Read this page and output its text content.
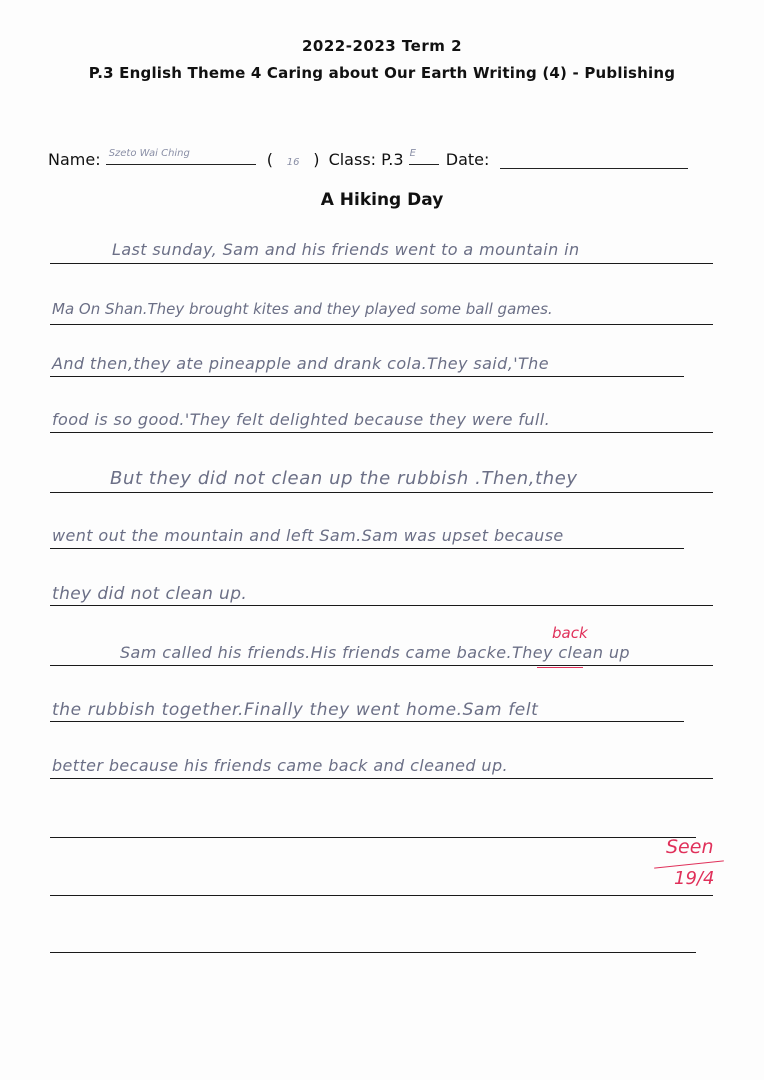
2022-2023 Term 2
P.3 English Theme 4 Caring about Our Earth Writing (4) - Publishing
Name: Szeto Wai Ching	( 16 ) Class: P.3 E Date:
A Hiking Day
Last sunday, Sam and his friends went to a mountain in
Ma On Shan.They brought kites and they played some ball games.
And then,they ate pineapple and drank cola.They said,'The
food is so good.'They felt delighted because they were full.
But they did not clean up the rubbish .Then,they
went out the mountain and left Sam.Sam was upset because
they did not clean up.
Sam called his friends.His friends came backe.They clean up
the rubbish together.Finally they went home.Sam felt
better because his friends came back and cleaned up.
back
Seen
19/4
